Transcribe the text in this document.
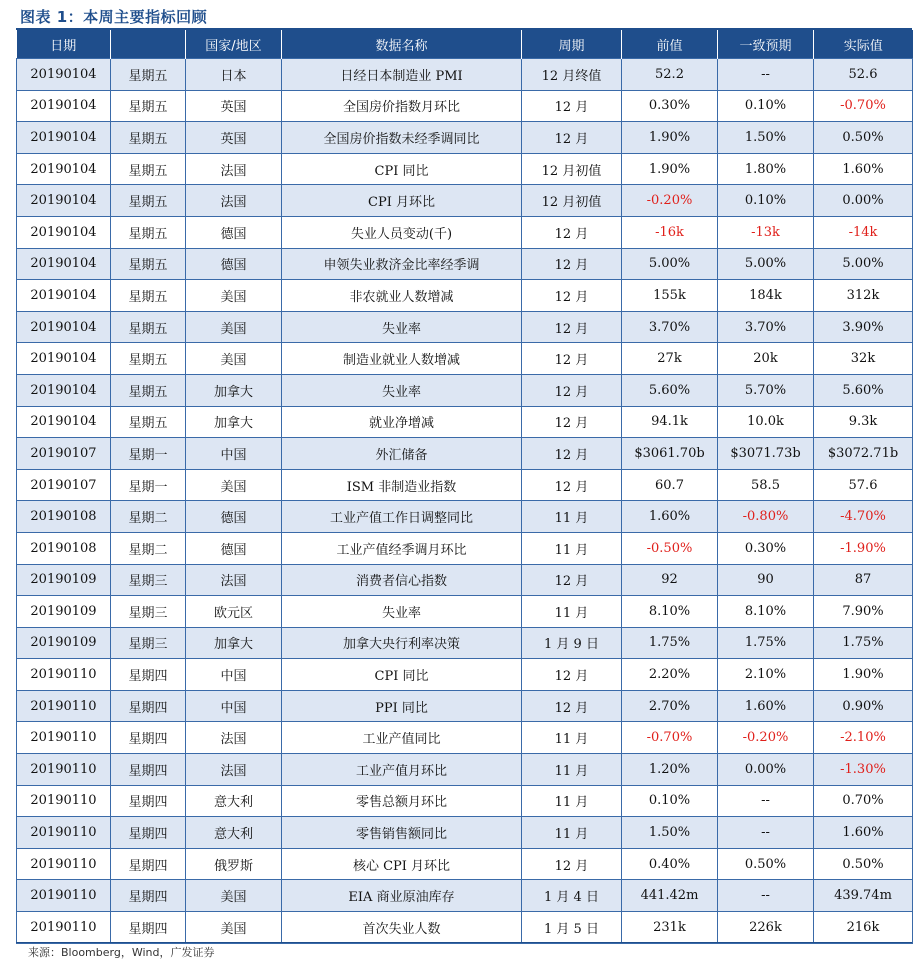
图表 1：本周主要指标回顾
日期		国家/地区	数据名称	周期	前值	一致预期	实际值
20190104	星期五	日本	日经日本制造业 PMI	12 月终值	52.2	--	52.6
20190104	星期五	英国	全国房价指数月环比	12 月	0.30%	0.10%	-0.70%
20190104	星期五	英国	全国房价指数未经季调同比	12 月	1.90%	1.50%	0.50%
20190104	星期五	法国	CPI 同比	12 月初值	1.90%	1.80%	1.60%
20190104	星期五	法国	CPI 月环比	12 月初值	-0.20%	0.10%	0.00%
20190104	星期五	德国	失业人员变动(千)	12 月	-16k	-13k	-14k
20190104	星期五	德国	申领失业救济金比率经季调	12 月	5.00%	5.00%	5.00%
20190104	星期五	美国	非农就业人数增减	12 月	155k	184k	312k
20190104	星期五	美国	失业率	12 月	3.70%	3.70%	3.90%
20190104	星期五	美国	制造业就业人数增减	12 月	27k	20k	32k
20190104	星期五	加拿大	失业率	12 月	5.60%	5.70%	5.60%
20190104	星期五	加拿大	就业净增减	12 月	94.1k	10.0k	9.3k
20190107	星期一	中国	外汇储备	12 月	$3061.70b	$3071.73b	$3072.71b
20190107	星期一	美国	ISM 非制造业指数	12 月	60.7	58.5	57.6
20190108	星期二	德国	工业产值工作日调整同比	11 月	1.60%	-0.80%	-4.70%
20190108	星期二	德国	工业产值经季调月环比	11 月	-0.50%	0.30%	-1.90%
20190109	星期三	法国	消费者信心指数	12 月	92	90	87
20190109	星期三	欧元区	失业率	11 月	8.10%	8.10%	7.90%
20190109	星期三	加拿大	加拿大央行利率决策	1 月 9 日	1.75%	1.75%	1.75%
20190110	星期四	中国	CPI 同比	12 月	2.20%	2.10%	1.90%
20190110	星期四	中国	PPI 同比	12 月	2.70%	1.60%	0.90%
20190110	星期四	法国	工业产值同比	11 月	-0.70%	-0.20%	-2.10%
20190110	星期四	法国	工业产值月环比	11 月	1.20%	0.00%	-1.30%
20190110	星期四	意大利	零售总额月环比	11 月	0.10%	--	0.70%
20190110	星期四	意大利	零售销售额同比	11 月	1.50%	--	1.60%
20190110	星期四	俄罗斯	核心 CPI 月环比	12 月	0.40%	0.50%	0.50%
20190110	星期四	美国	EIA 商业原油库存	1 月 4 日	441.42m	--	439.74m
20190110	星期四	美国	首次失业人数	1 月 5 日	231k	226k	216k
来源：Bloomberg，Wind，广发证券
